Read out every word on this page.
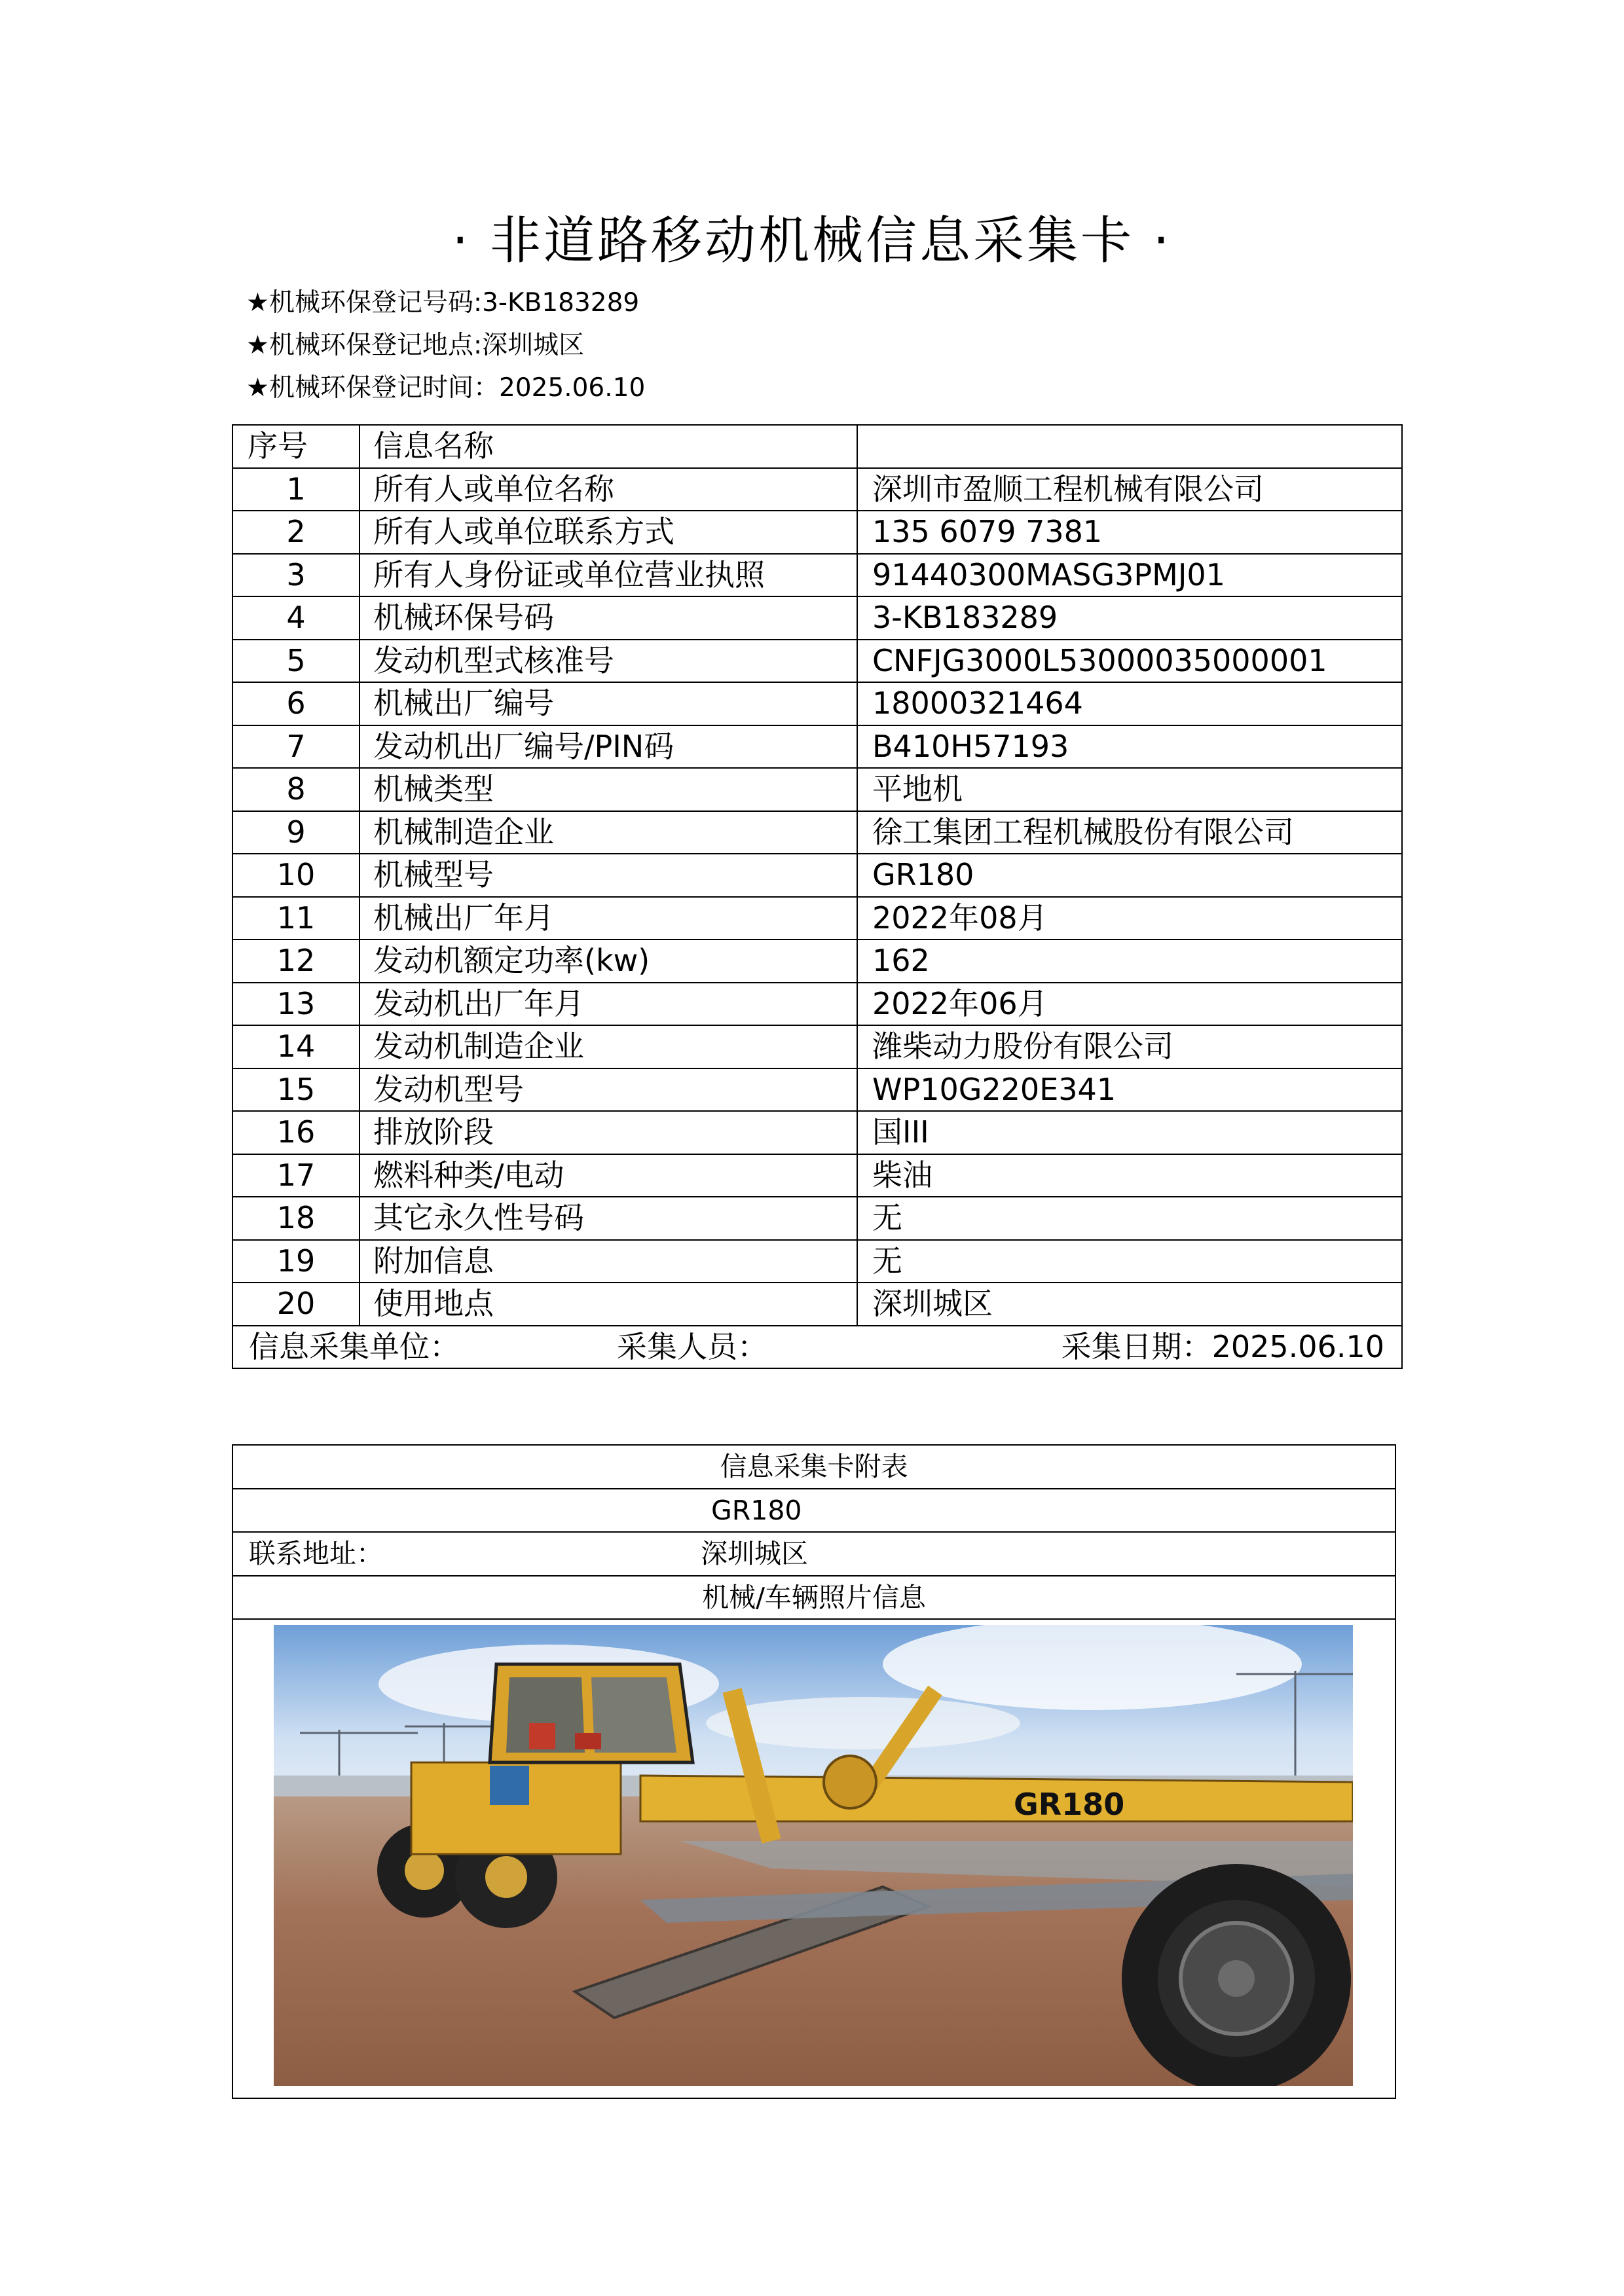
· 非道路移动机械信息采集卡 ·
★机械环保登记号码:3-KB183289
★机械环保登记地点:深圳城区
★机械环保登记时间：2025.06.10
序号	信息名称	
1	所有人或单位名称	深圳市盈顺工程机械有限公司
2	所有人或单位联系方式	135 6079 7381
3	所有人身份证或单位营业执照	91440300MASG3PMJ01
4	机械环保号码	3-KB183289
5	发动机型式核准号	CNFJG3000L53000035000001
6	机械出厂编号	18000321464
7	发动机出厂编号/PIN码	B410H57193
8	机械类型	平地机
9	机械制造企业	徐工集团工程机械股份有限公司
10	机械型号	GR180
11	机械出厂年月	2022年08月
12	发动机额定功率(kw)	162
13	发动机出厂年月	2022年06月
14	发动机制造企业	潍柴动力股份有限公司
15	发动机型号	WP10G220E341
16	排放阶段	国III
17	燃料种类/电动	柴油
18	其它永久性号码	无
19	附加信息	无
20	使用地点	深圳城区

信息采集单位： 采集人员： 采集日期：2025.06.10		
信息采集卡附表
GR180
联系地址：	深圳城区
机械/车辆照片信息

GR180
